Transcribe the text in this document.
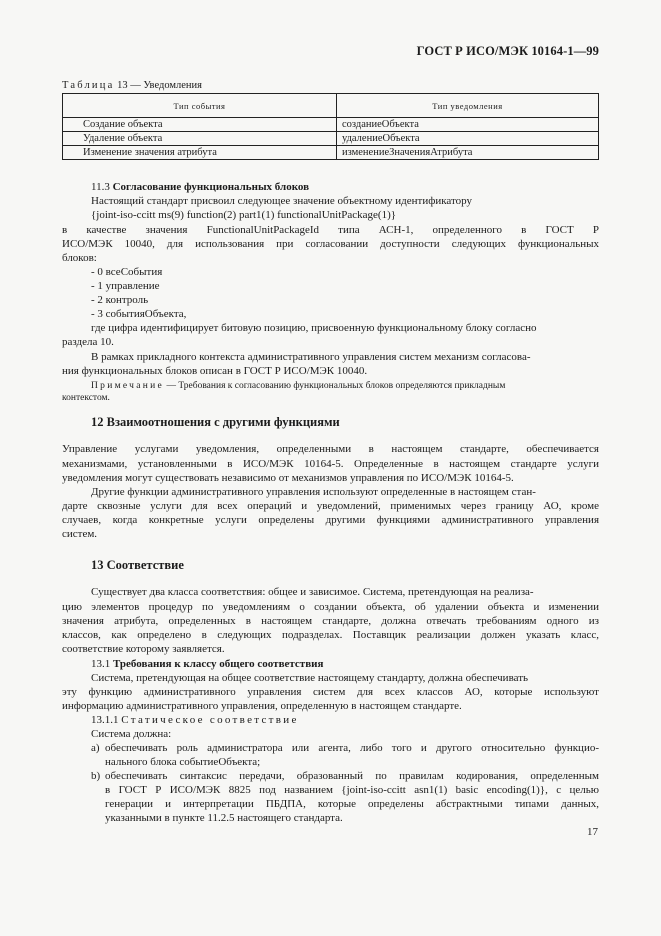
ГОСТ Р ИСО/МЭК 10164-1—99
Таблица 13 — Уведомления
Тип события	Тип уведомления
Создание объекта	созданиеОбъекта
Удаление объекта	удалениеОбъекта
Изменение значения атрибута	изменениеЗначенияАтрибута
11.3 Согласование функциональных блоков
Настоящий стандарт присвоил следующее значение объектному идентификатору
{joint-iso-ccitt ms(9) function(2) part1(1) functionalUnitPackage(1)}
в качестве значения FunctionalUnitPackageId типа АСН-1, определенного в ГОСТ Р
ИСО/МЭК 10040, для использования при согласовании доступности следующих функциональных
блоков:
- 0 всеСобытия
- 1 управление
- 2 контроль
- 3 событияОбъекта,
где цифра идентифицирует битовую позицию, присвоенную функциональному блоку согласно
раздела 10.
В рамках прикладного контекста административного управления систем механизм согласова-
ния функциональных блоков описан в ГОСТ Р ИСО/МЭК 10040.
Примечание — Требования к согласованию функциональных блоков определяются прикладным
контекстом.
12 Взаимоотношения с другими функциями
Управление услугами уведомления, определенными в настоящем стандарте, обеспечивается
механизмами, установленными в ИСО/МЭК 10164-5. Определенные в настоящем стандарте услуги
уведомления могут существовать независимо от механизмов управления по ИСО/МЭК 10164-5.
Другие функции административного управления используют определенные в настоящем стан-
дарте сквозные услуги для всех операций и уведомлений, применимых через границу АО, кроме
случаев, когда конкретные услуги определены другими функциями административного управления
систем.
13 Соответствие
Существует два класса соответствия: общее и зависимое. Система, претендующая на реализа-
цию элементов процедур по уведомлениям о создании объекта, об удалении объекта и изменении
значения атрибута, определенных в настоящем стандарте, должна отвечать требованиям одного из
классов, как определено в следующих подразделах. Поставщик реализации должен указать класс,
соответствие которому заявляется.
13.1 Требования к классу общего соответствия
Система, претендующая на общее соответствие настоящему стандарту, должна обеспечивать
эту функцию административного управления систем для всех классов АО, которые используют
информацию административного управления, определенную в настоящем стандарте.
13.1.1 Статическое соответствие
Система должна:
a) обеспечивать роль администратора или агента, либо того и другого относительно функцио-
нального блока событиеОбъекта;
b) обеспечивать синтаксис передачи, образованный по правилам кодирования, определенным
в ГОСТ Р ИСО/МЭК 8825 под названием {joint-iso-ccitt asn1(1) basic encoding(1)}, с целью
генерации и интерпретации ПБДПА, которые определены абстрактными типами данных,
указанными в пункте 11.2.5 настоящего стандарта.
17
